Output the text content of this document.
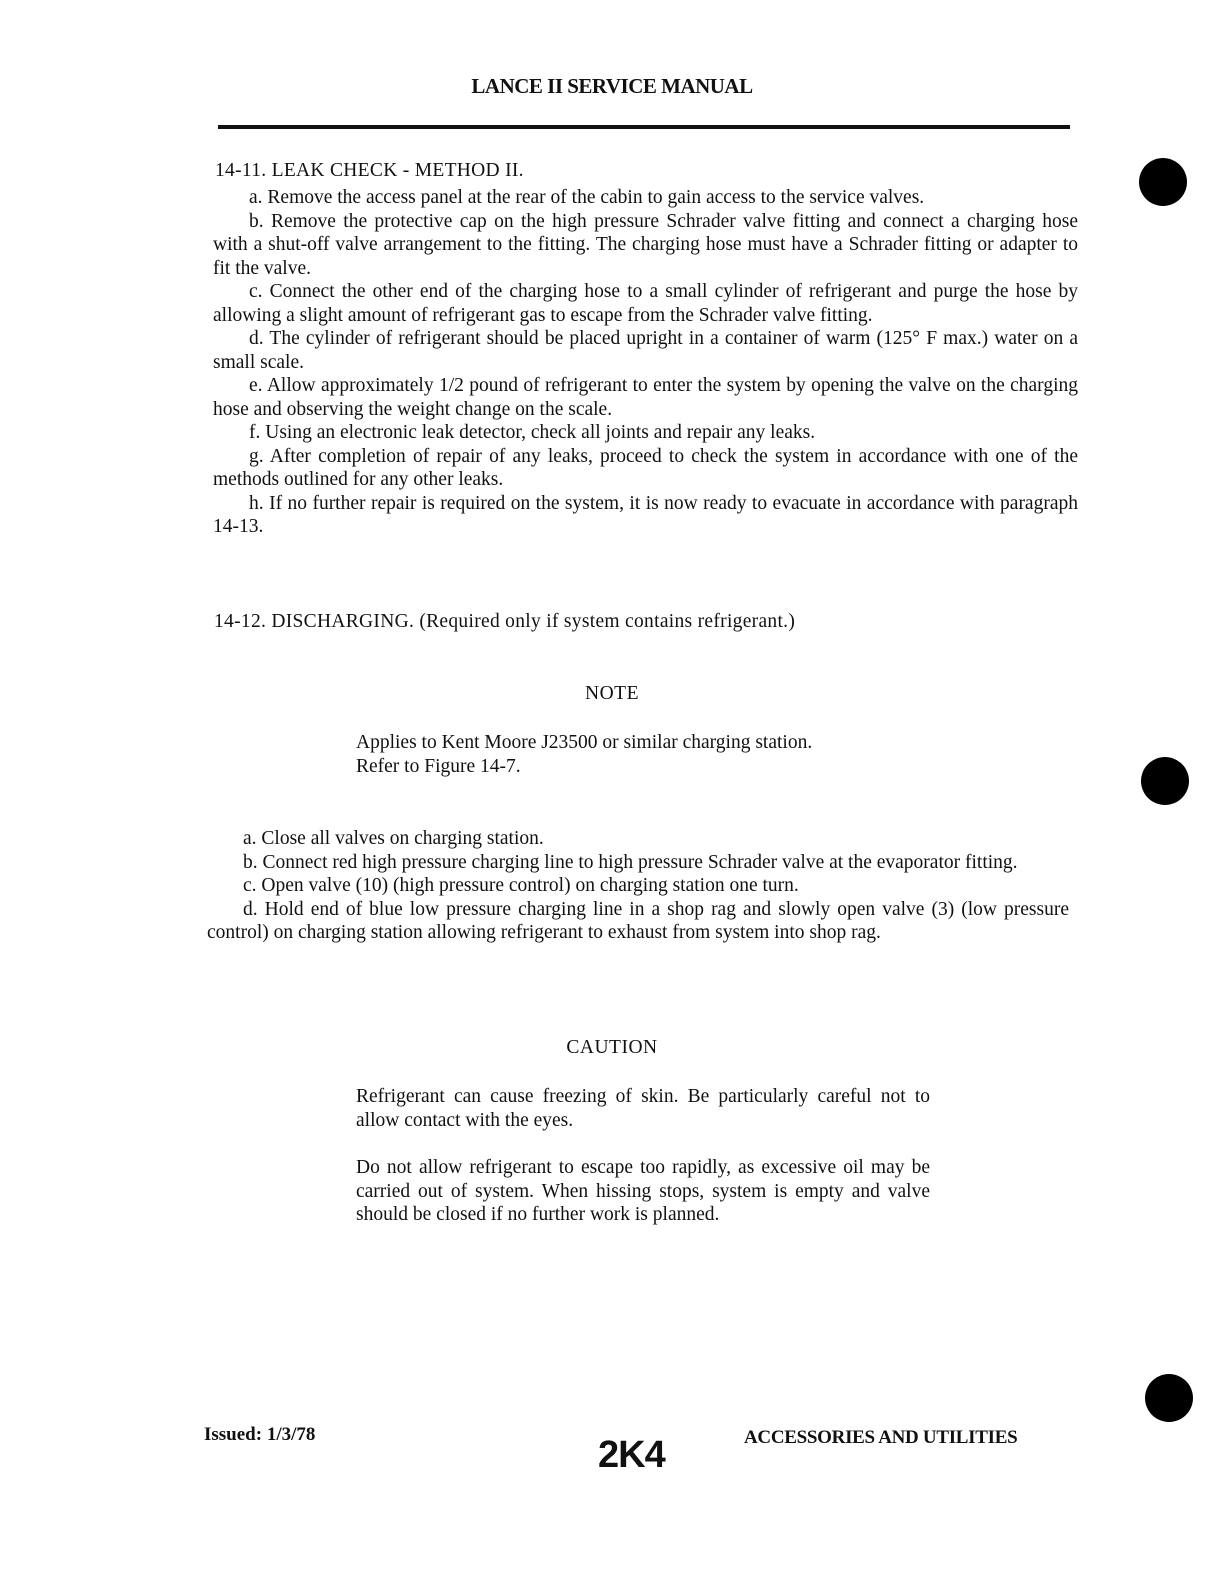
LANCE II SERVICE MANUAL
14-11. LEAK CHECK - METHOD II.

a. Remove the access panel at the rear of the cabin to gain access to the service valves.

b. Remove the protective cap on the high pressure Schrader valve fitting and connect a charging hose with a shut-off valve arrangement to the fitting. The charging hose must have a Schrader fitting or adapter to fit the valve.

c. Connect the other end of the charging hose to a small cylinder of refrigerant and purge the hose by allowing a slight amount of refrigerant gas to escape from the Schrader valve fitting.

d. The cylinder of refrigerant should be placed upright in a container of warm (125° F max.) water on a small scale.

e. Allow approximately 1/2 pound of refrigerant to enter the system by opening the valve on the charging hose and observing the weight change on the scale.

f. Using an electronic leak detector, check all joints and repair any leaks.

g. After completion of repair of any leaks, proceed to check the system in accordance with one of the methods outlined for any other leaks.

h. If no further repair is required on the system, it is now ready to evacuate in accordance with paragraph 14-13.

14-12. DISCHARGING. (Required only if system contains refrigerant.)
NOTE

Applies to Kent Moore J23500 or similar charging station.

Refer to Figure 14-7.

a. Close all valves on charging station.

b. Connect red high pressure charging line to high pressure Schrader valve at the evaporator fitting.

c. Open valve (10) (high pressure control) on charging station one turn.

d. Hold end of blue low pressure charging line in a shop rag and slowly open valve (3) (low pressure control) on charging station allowing refrigerant to exhaust from system into shop rag.

CAUTION

Refrigerant can cause freezing of skin. Be particularly careful not to allow contact with the eyes.

Do not allow refrigerant to escape too rapidly, as excessive oil may be carried out of system. When hissing stops, system is empty and valve should be closed if no further work is planned.

Issued: 1/3/78	2K4	ACCESSORIES AND UTILITIES
